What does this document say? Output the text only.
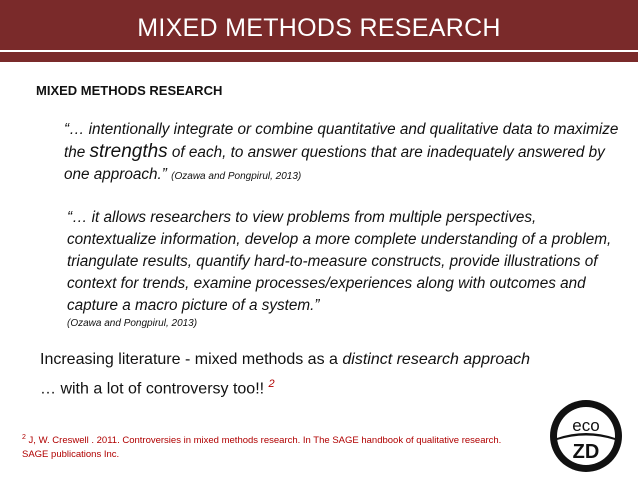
MIXED METHODS RESEARCH
MIXED METHODS RESEARCH
“… intentionally integrate or combine quantitative and qualitative data to maximize the strengths of each, to answer questions that are inadequately answered by one approach.” (Ozawa and Pongpirul, 2013)
“… it allows researchers to view problems from multiple perspectives, contextualize information, develop a more complete understanding of a problem, triangulate results, quantify hard-to-measure constructs, provide illustrations of context for trends, examine processes/experiences along with outcomes and capture a macro picture of a system.”
(Ozawa and Pongpirul, 2013)
Increasing literature - mixed methods as a distinct research approach
… with a lot of controversy too!! $^2$
$^2$ J, W. Creswell . 2011. Controversies in mixed methods research. In The SAGE handbook of qualitative research.
SAGE publications Inc.
eco
ZD
